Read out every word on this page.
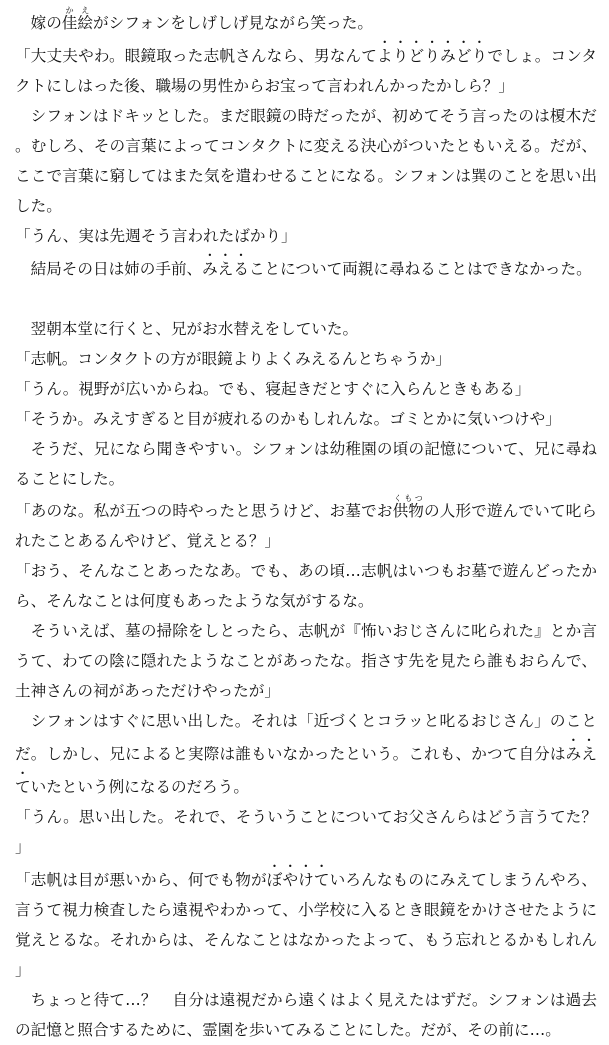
嫁の佳絵かえがシフォンをしげしげ見ながら笑った。

「大丈夫やわ。眼鏡取った志帆さんなら、男なんてよりどりみどりでしょ。コンタクトにしはった後、職場の男性からお宝って言われんかったかしら？」

シフォンはドキッとした。まだ眼鏡の時だったが、初めてそう言ったのは榎木だ。むしろ、その言葉によってコンタクトに変える決心がついたともいえる。だが、ここで言葉に窮してはまた気を遣わせることになる。シフォンは巽のことを思い出した。

「うん、実は先週そう言われたばかり」

結局その日は姉の手前、みえることについて両親に尋ねることはできなかった。

翌朝本堂に行くと、兄がお水替えをしていた。

「志帆。コンタクトの方が眼鏡よりよくみえるんとちゃうか」

「うん。視野が広いからね。でも、寝起きだとすぐに入らんときもある」

「そうか。みえすぎると目が疲れるのかもしれんな。ゴミとかに気いつけや」

そうだ、兄になら聞きやすい。シフォンは幼稚園の頃の記憶について、兄に尋ねることにした。

「あのな。私が五つの時やったと思うけど、お墓でお供物くもつの人形で遊んでいて叱られたことあるんやけど、覚えとる？」

「おう、そんなことあったなあ。でも、あの頃…志帆はいつもお墓で遊んどったから、そんなことは何度もあったような気がするな。

そういえば、墓の掃除をしとったら、志帆が『怖いおじさんに叱られた』とか言うて、わての陰に隠れたようなことがあったな。指さす先を見たら誰もおらんで、土神さんの祠があっただけやったが」

シフォンはすぐに思い出した。それは「近づくとコラッと叱るおじさん」のことだ。しかし、兄によると実際は誰もいなかったという。これも、かつて自分はみえていたという例になるのだろう。

「うん。思い出した。それで、そういうことについてお父さんらはどう言うてた？」

「志帆は目が悪いから、何でも物がぼやけていろんなものにみえてしまうんやろ、言うて視力検査したら遠視やわかって、小学校に入るとき眼鏡をかけさせたように覚えとるな。それからは、そんなことはなかったよって、もう忘れとるかもしれん」

ちょっと待て…？　自分は遠視だから遠くはよく見えたはずだ。シフォンは過去の記憶と照合するために、霊園を歩いてみることにした。だが、その前に…。
